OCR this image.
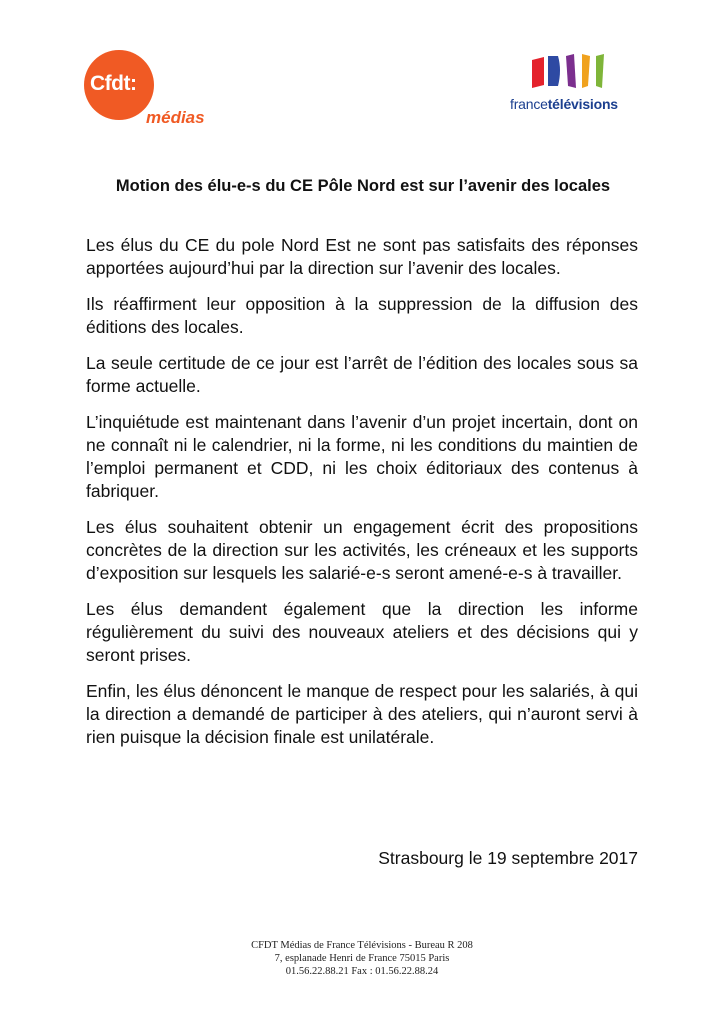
Cfdt:
médias
francetélévisions
Motion des élu-e-s du CE Pôle Nord est sur l’avenir des locales

Les élus du CE du pole Nord Est ne sont pas satisfaits des réponses apportées aujourd’hui par la direction sur l’avenir des locales.

Ils réaffirment leur opposition à la suppression de la diffusion des éditions des locales.

La seule certitude de ce jour est l’arrêt de l’édition des locales sous sa forme actuelle.

L’inquiétude est maintenant dans l’avenir d’un projet incertain, dont on ne connaît ni le calendrier, ni la forme, ni les conditions du maintien de l’emploi permanent et CDD, ni les choix éditoriaux des contenus à fabriquer.

Les élus souhaitent obtenir un engagement écrit des propositions concrètes de la direction sur les activités, les créneaux et les supports d’exposition sur lesquels les salarié-e-s seront amené-e-s à travailler.

Les élus demandent également que la direction les informe régulièrement du suivi des nouveaux ateliers et des décisions qui y seront prises.

Enfin, les élus dénoncent le manque de respect pour les salariés, à qui la direction a demandé de participer à des ateliers, qui n’auront servi à rien puisque la décision finale est unilatérale.

Strasbourg le 19 septembre 2017
CFDT Médias de France Télévisions - Bureau R 208
7, esplanade Henri de France 75015 Paris
01.56.22.88.21 Fax : 01.56.22.88.24
